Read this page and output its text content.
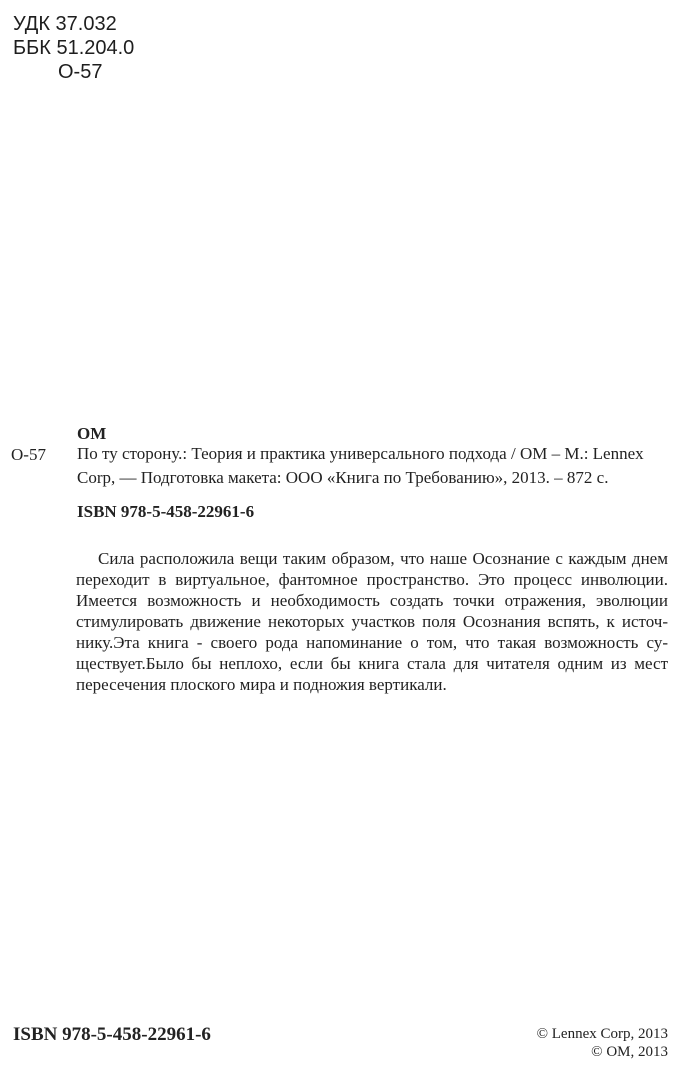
УДК 37.032
ББК 51.204.0
О-57
ОМ
О-57 По ту сторону.: Теория и практика универсального подхода / ОМ – М.: Lennex
Corp, — Подготовка макета: ООО «Книга по Требованию», 2013. – 872 с.
ISBN 978-5-458-22961-6
Сила расположила вещи таким образом, что наше Осознание с каждым днем
переходит в виртуальное, фантомное пространство. Это процесс инволюции.
Имеется возможность и необходимость создать точки отражения, эволюции
стимулировать движение некоторых участков поля Осознания вспять, к источ-
нику.Эта книга - своего рода напоминание о том, что такая возможность су-
ществует.Было бы неплохо, если бы книга стала для читателя одним из мест
пересечения плоского мира и подножия вертикали.
ISBN 978-5-458-22961-6	© Lennex Corp, 2013
© ОМ, 2013
